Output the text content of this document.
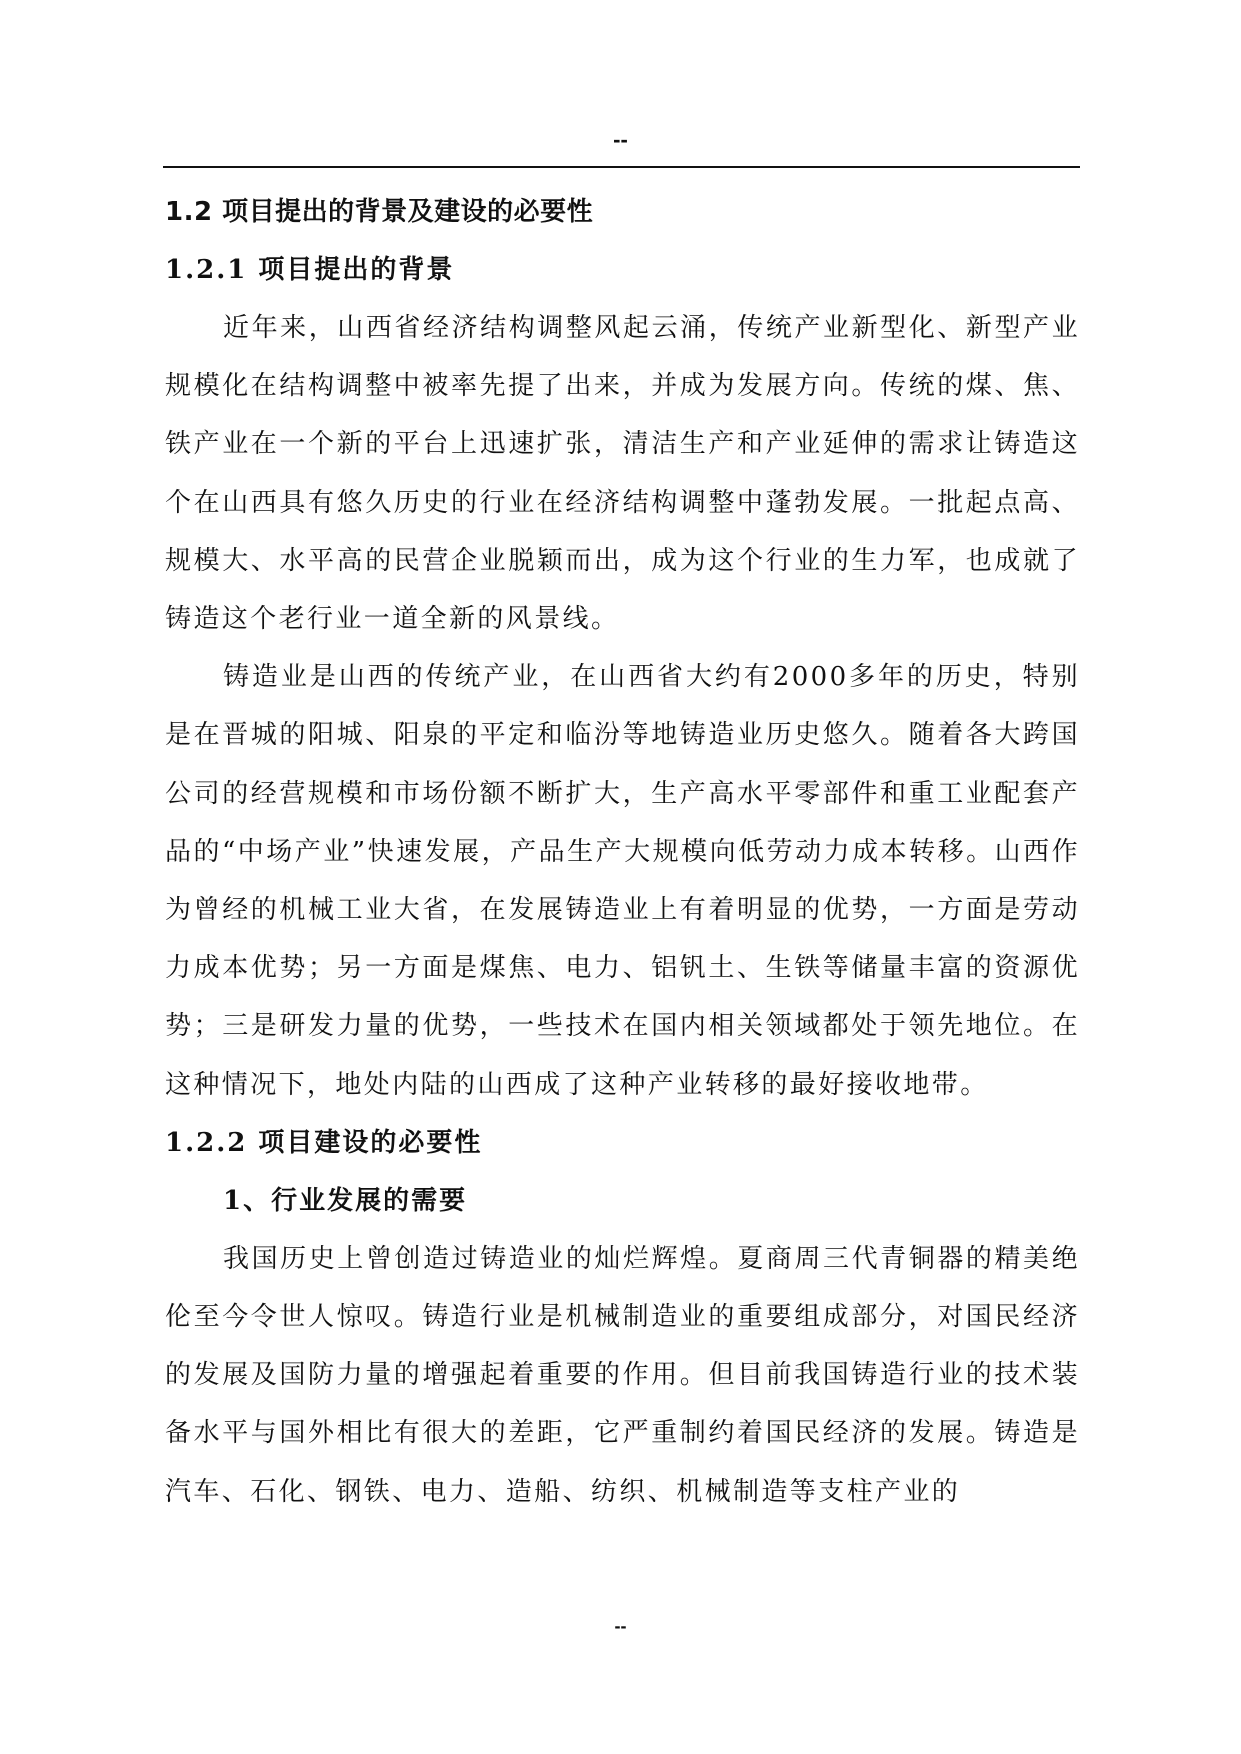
--
1.2 项目提出的背景及建设的必要性
1.2.1 项目提出的背景

近年来，山西省经济结构调整风起云涌，传统产业新型化、新型产业规模化在结构调整中被率先提了出来，并成为发展方向。传统的煤、焦、铁产业在一个新的平台上迅速扩张，清洁生产和产业延伸的需求让铸造这个在山西具有悠久历史的行业在经济结构调整中蓬勃发展。一批起点高、规模大、水平高的民营企业脱颖而出，成为这个行业的生力军，也成就了铸造这个老行业一道全新的风景线。

铸造业是山西的传统产业，在山西省大约有2000多年的历史，特别是在晋城的阳城、阳泉的平定和临汾等地铸造业历史悠久。随着各大跨国公司的经营规模和市场份额不断扩大，生产高水平零部件和重工业配套产品的“中场产业”快速发展，产品生产大规模向低劳动力成本转移。山西作为曾经的机械工业大省，在发展铸造业上有着明显的优势，一方面是劳动力成本优势；另一方面是煤焦、电力、铝钒土、生铁等储量丰富的资源优势；三是研发力量的优势，一些技术在国内相关领域都处于领先地位。在这种情况下，地处内陆的山西成了这种产业转移的最好接收地带。

1.2.2 项目建设的必要性
1、行业发展的需要

我国历史上曾创造过铸造业的灿烂辉煌。夏商周三代青铜器的精美绝伦至今令世人惊叹。铸造行业是机械制造业的重要组成部分，对国民经济的发展及国防力量的增强起着重要的作用。但目前我国铸造行业的技术装备水平与国外相比有很大的差距，它严重制约着国民经济的发展。铸造是汽车、石化、钢铁、电力、造船、纺织、机械制造等支柱产业的

--
